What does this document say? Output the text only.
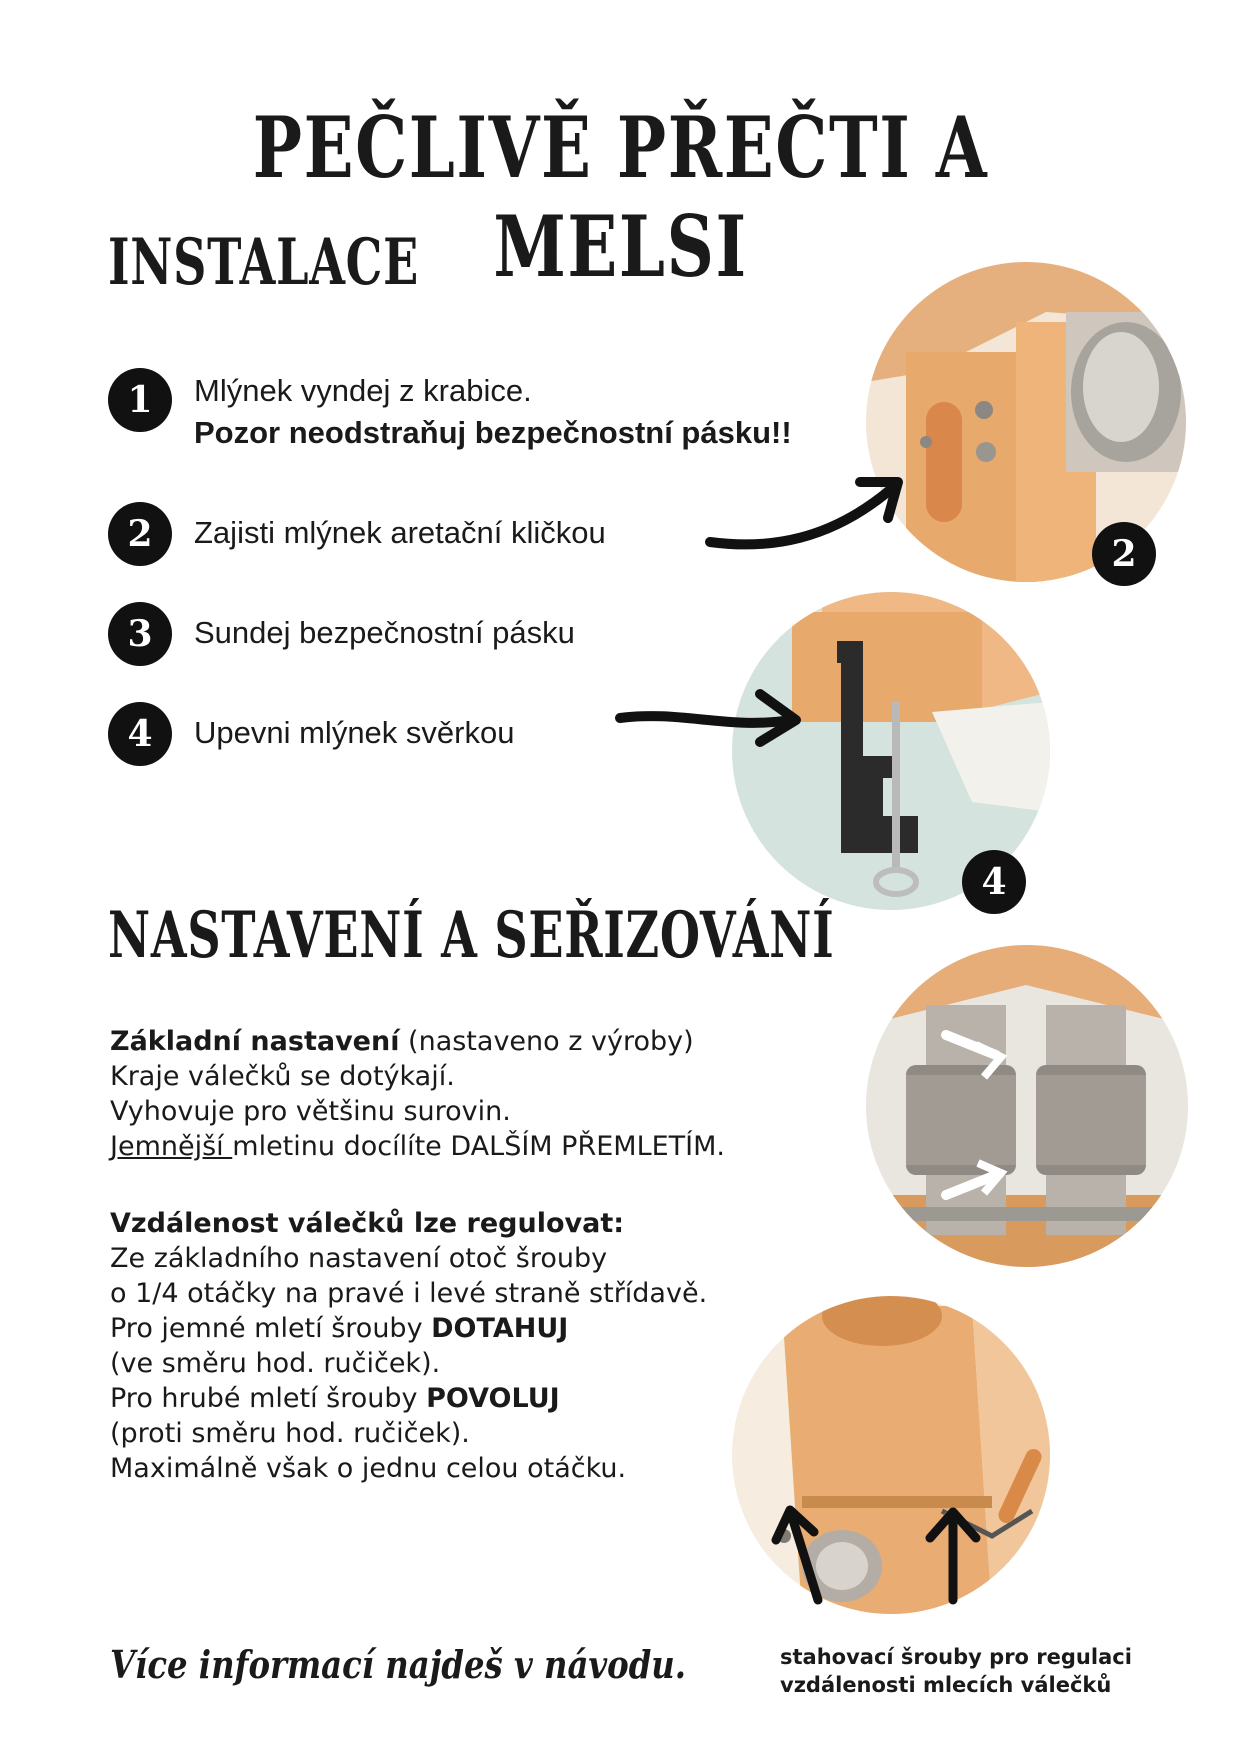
PEČLIVĚ PŘEČTI A MELSI
INSTALACE
1	Mlýnek vyndej z krabice.
Pozor neodstraňuj bezpečnostní pásku!!
2	Zajisti mlýnek aretační kličkou
3	Sundej bezpečnostní pásku
4	Upevni mlýnek svěrkou
2
4
NASTAVENÍ A SEŘIZOVÁNÍ
Základní nastavení (nastaveno z výroby)
Kraje válečků se dotýkají.
Vyhovuje pro většinu surovin.
Jemnější mletinu docílíte DALŠÍM PŘEMLETÍM.
Vzdálenost válečků lze regulovat:
Ze základního nastavení otoč šrouby
o 1/4 otáčky na pravé i levé straně střídavě.
Pro jemné mletí šrouby DOTAHUJ
(ve směru hod. ručiček).
Pro hrubé mletí šrouby POVOLUJ
(proti směru hod. ručiček).
Maximálně však o jednu celou otáčku.
Více informací najdeš v návodu.	stahovací šrouby pro regulaci
vzdálenosti mlecích válečků
